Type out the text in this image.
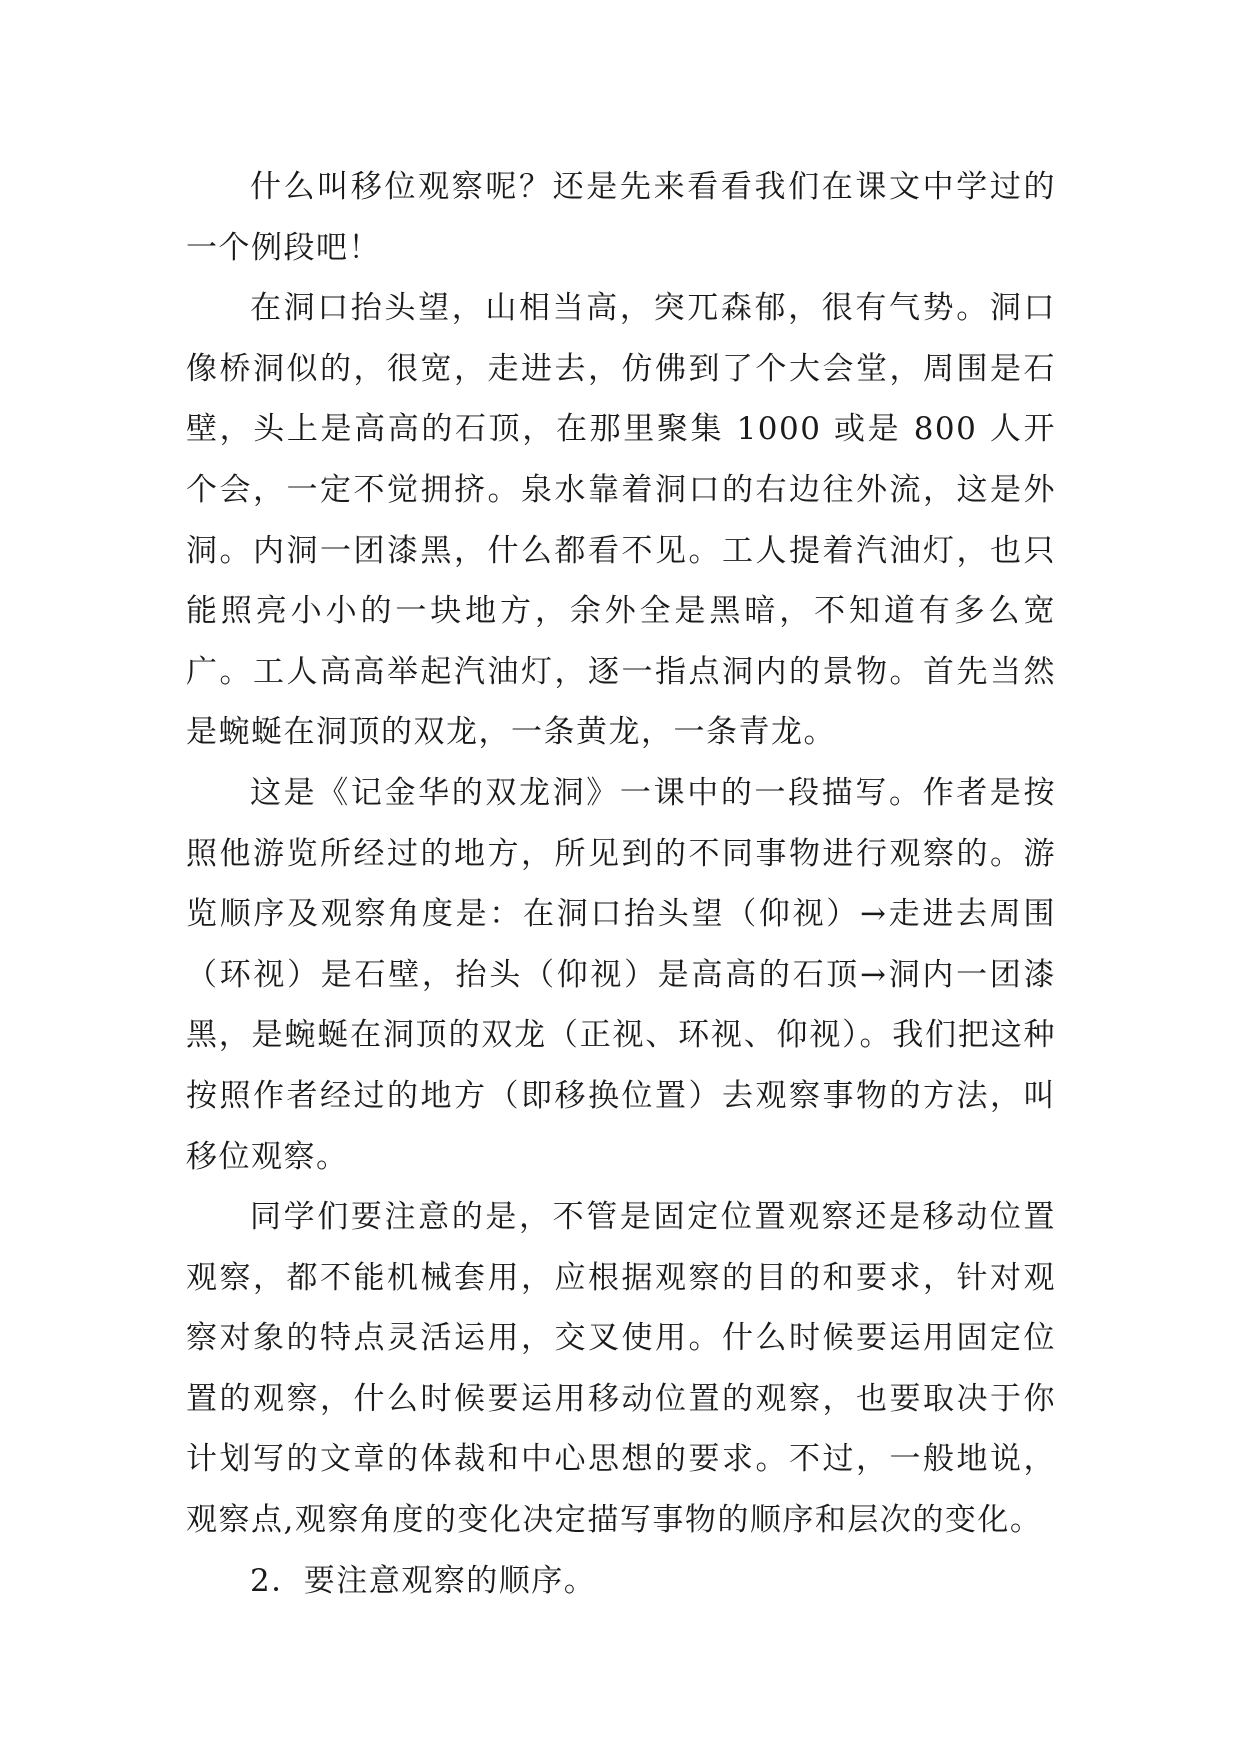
什么叫移位观察呢？还是先来看看我们在课文中学过的一个例段吧！

在洞口抬头望，山相当高，突兀森郁，很有气势。洞口像桥洞似的，很宽，走进去，仿佛到了个大会堂，周围是石壁，头上是高高的石顶，在那里聚集 1000 或是 800 人开个会，一定不觉拥挤。泉水靠着洞口的右边往外流，这是外洞。内洞一团漆黑，什么都看不见。工人提着汽油灯，也只能照亮小小的一块地方，余外全是黑暗，不知道有多么宽广。工人高高举起汽油灯，逐一指点洞内的景物。首先当然是蜿蜒在洞顶的双龙，一条黄龙，一条青龙。

这是《记金华的双龙洞》一课中的一段描写。作者是按照他游览所经过的地方，所见到的不同事物进行观察的。游览顺序及观察角度是：在洞口抬头望（仰视）→走进去周围（环视）是石壁，抬头（仰视）是高高的石顶→洞内一团漆黑，是蜿蜒在洞顶的双龙（正视、环视、仰视）。我们把这种按照作者经过的地方（即移换位置）去观察事物的方法，叫移位观察。

同学们要注意的是，不管是固定位置观察还是移动位置观察，都不能机械套用，应根据观察的目的和要求，针对观察对象的特点灵活运用，交叉使用。什么时候要运用固定位置的观察，什么时候要运用移动位置的观察，也要取决于你计划写的文章的体裁和中心思想的要求。不过，一般地说，观察点,观察角度的变化决定描写事物的顺序和层次的变化。

2．要注意观察的顺序。
